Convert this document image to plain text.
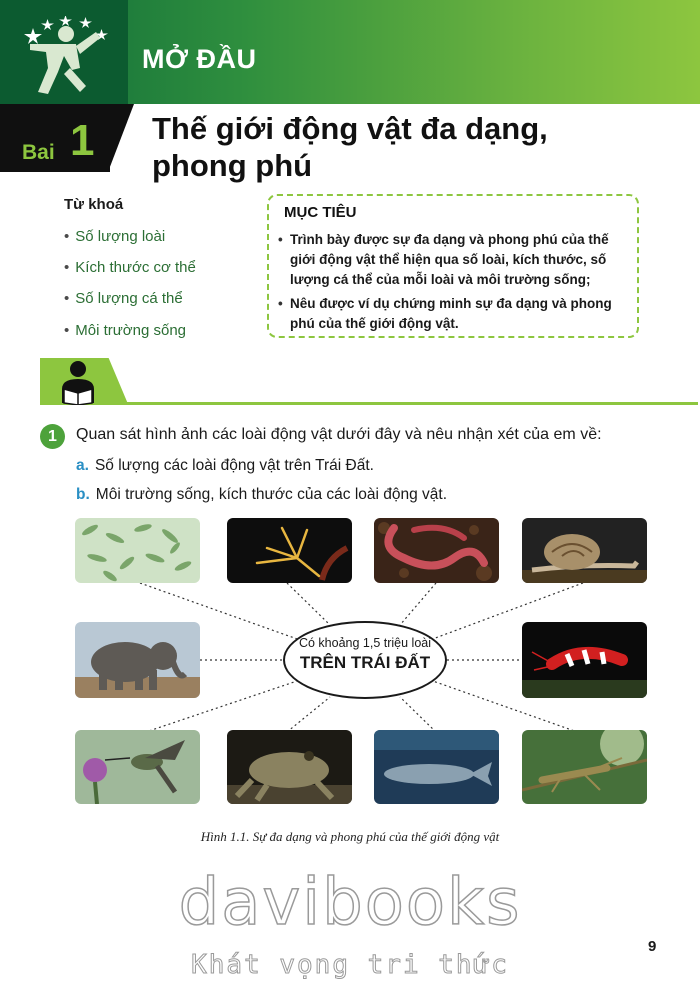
MỞ ĐẦU
Bai 1 Thế giới động vật đa dạng,
phong phú
Từ khoá
• Số lượng loài
• Kích thước cơ thể
• Số lượng cá thể
• Môi trường sống
MỤC TIÊU
• Trình bày được sự đa dạng và phong phú của thế giới động vật thể hiện qua số loài, kích thước, số lượng cá thể của mỗi loài và môi trường sống;
• Nêu được ví dụ chứng minh sự đa dạng và phong phú của thế giới động vật.
1	Quan sát hình ảnh các loài động vật dưới đây và nêu nhận xét của em về:
a. Số lượng các loài động vật trên Trái Đất.
b. Môi trường sống, kích thước của các loài động vật.
Có khoảng 1,5 triệu loài
TRÊN TRÁI ĐẤT
Hình 1.1. Sự đa dạng và phong phú của thế giới động vật
davibooks
Khát vọng tri thức
9
